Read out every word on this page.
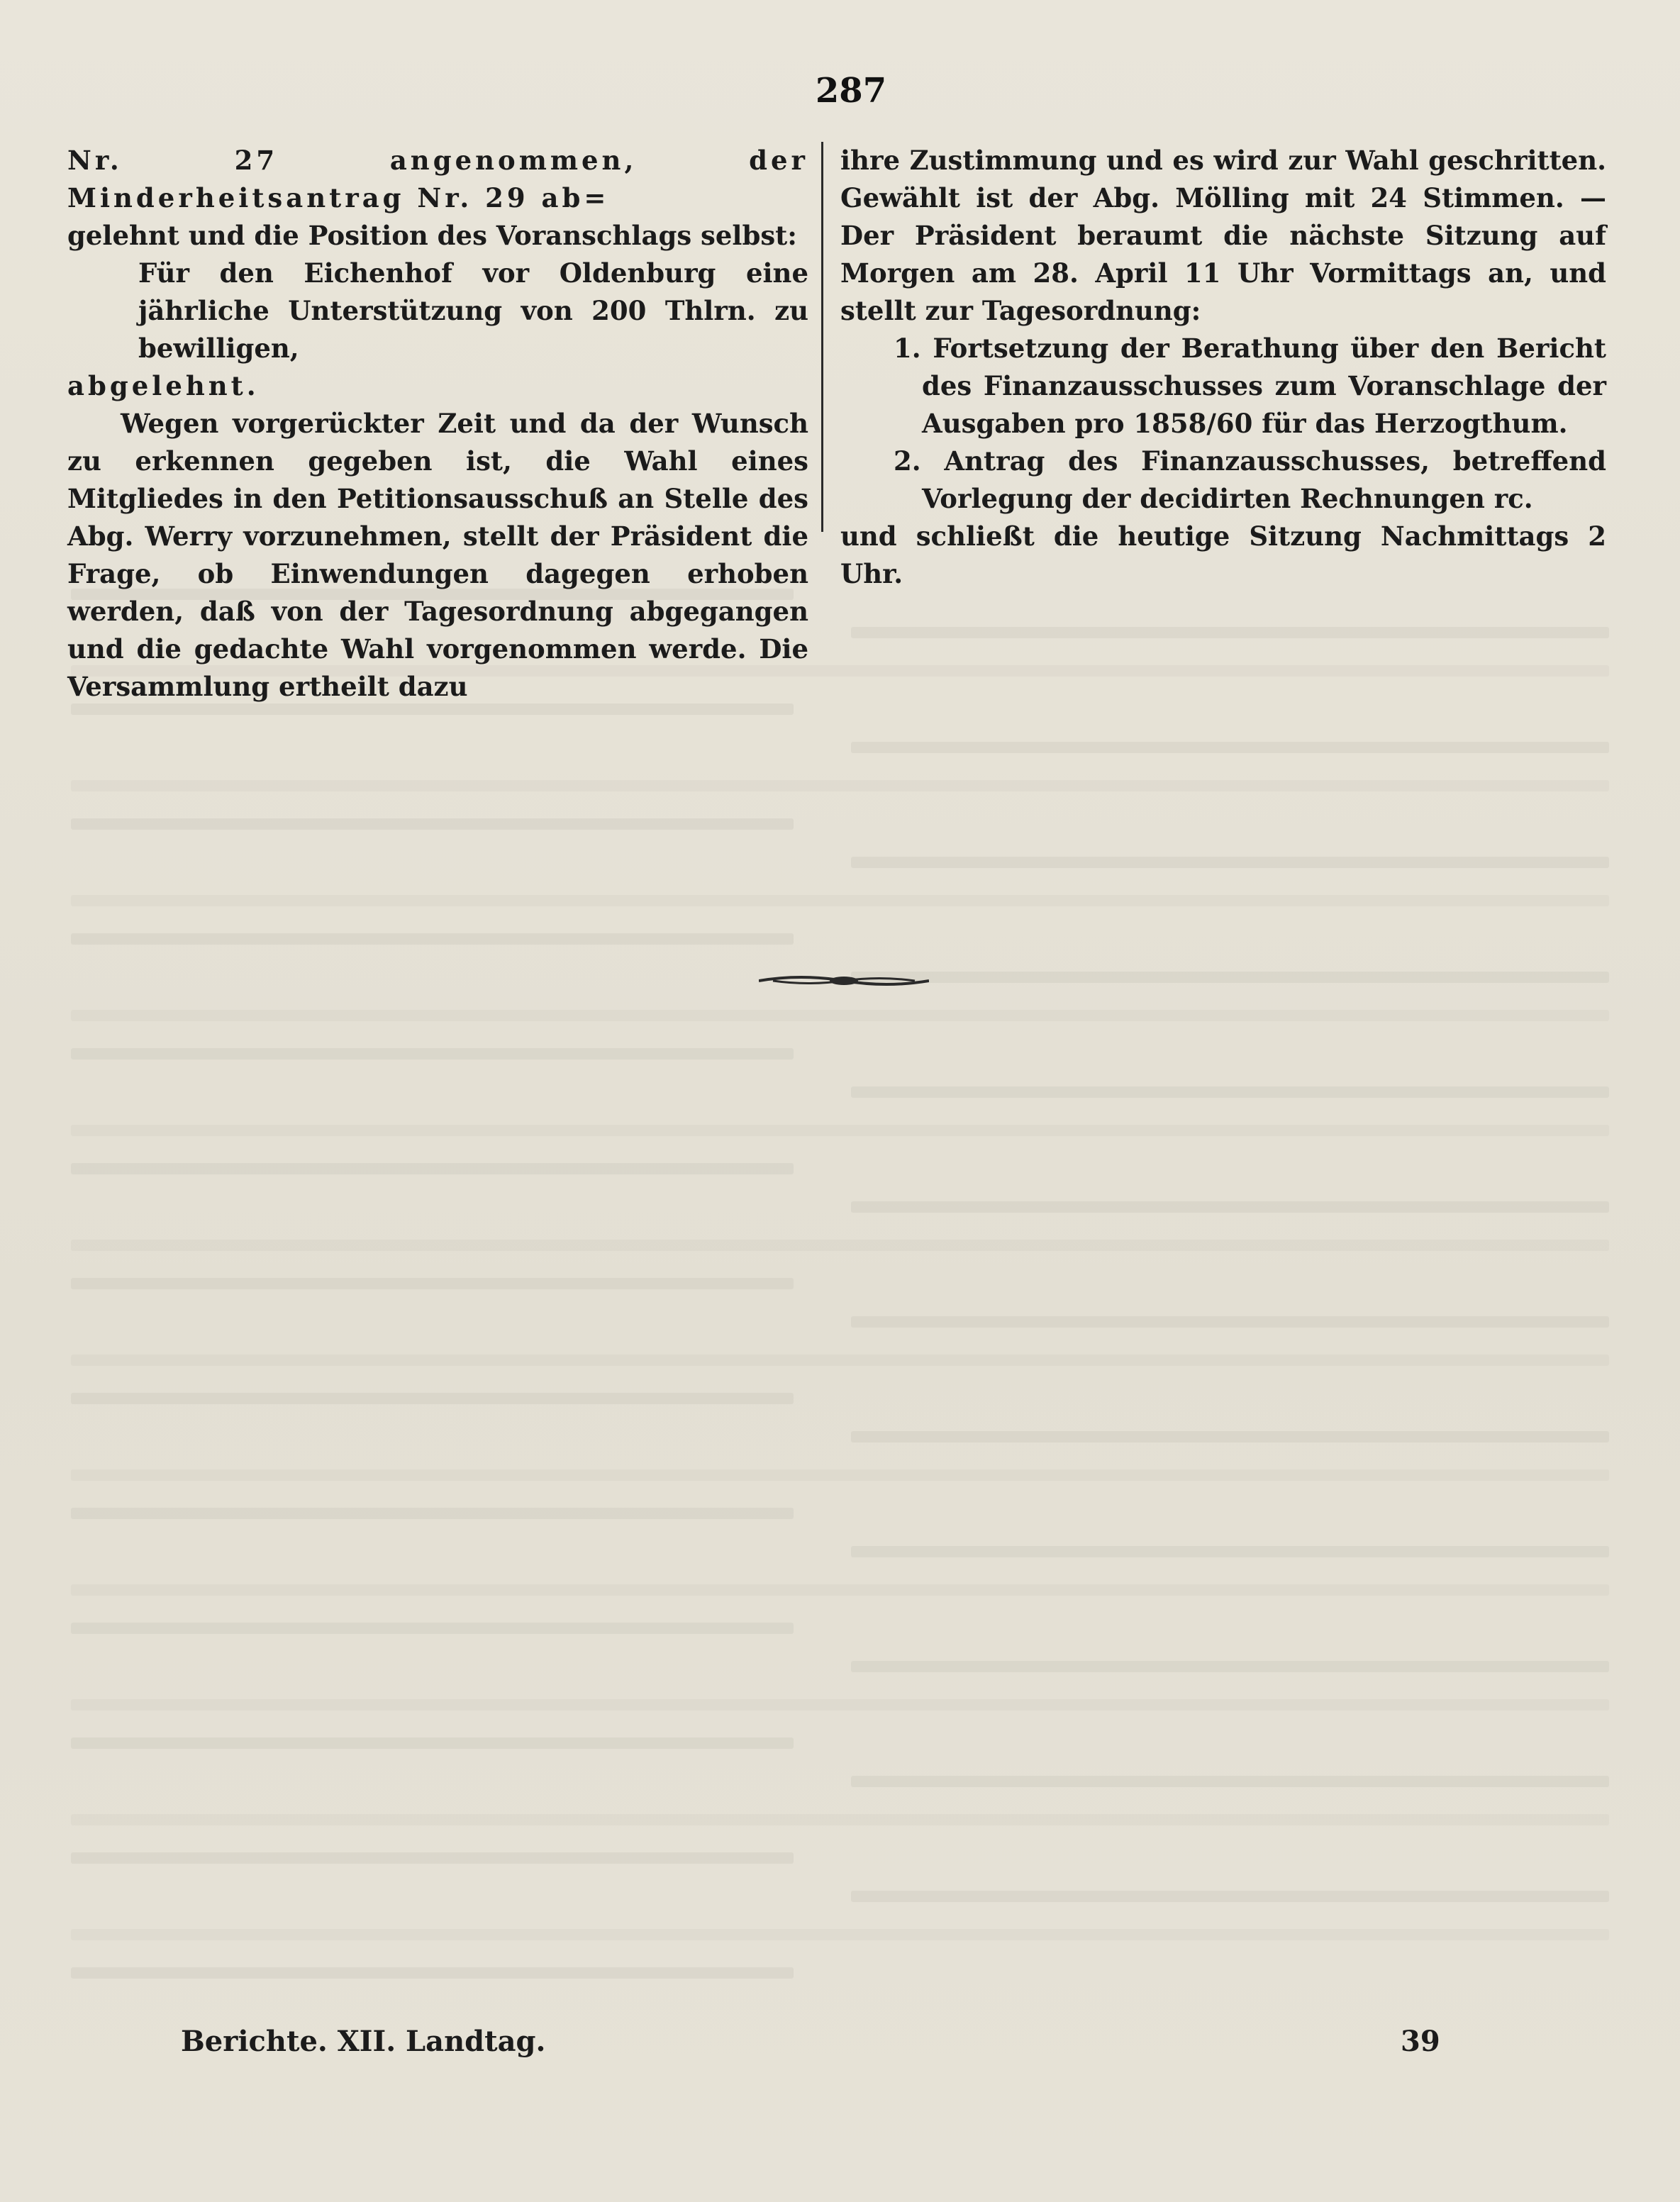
287

Nr. 27 angenommen, der Minderheitsantrag Nr. 29 ab=

gelehnt und die Position des Voranschlags selbst:

Für den Eichenhof vor Oldenburg eine jährliche Unterstützung von 200 Thlrn. zu bewilligen,

abgelehnt.

Wegen vorgerückter Zeit und da der Wunsch zu erkennen gegeben ist, die Wahl eines Mitgliedes in den Petitionsausschuß an Stelle des Abg. Werry vorzunehmen, stellt der Präsident die Frage, ob Einwendungen dagegen erhoben werden, daß von der Tagesordnung abgegangen und die gedachte Wahl vorgenommen werde. Die Versammlung ertheilt dazu

ihre Zustimmung und es wird zur Wahl geschritten. Gewählt ist der Abg. Mölling mit 24 Stimmen. — Der Präsident beraumt die nächste Sitzung auf Morgen am 28. April 11 Uhr Vormittags an, und stellt zur Tagesordnung:

1. Fortsetzung der Berathung über den Bericht des Finanzausschusses zum Voranschlage der Ausgaben pro 1858/60 für das Herzogthum.

2. Antrag des Finanzausschusses, betreffend Vorlegung der decidirten Rechnungen rc.

und schließt die heutige Sitzung Nachmittags 2 Uhr.

Berichte. XII. Landtag.	39
